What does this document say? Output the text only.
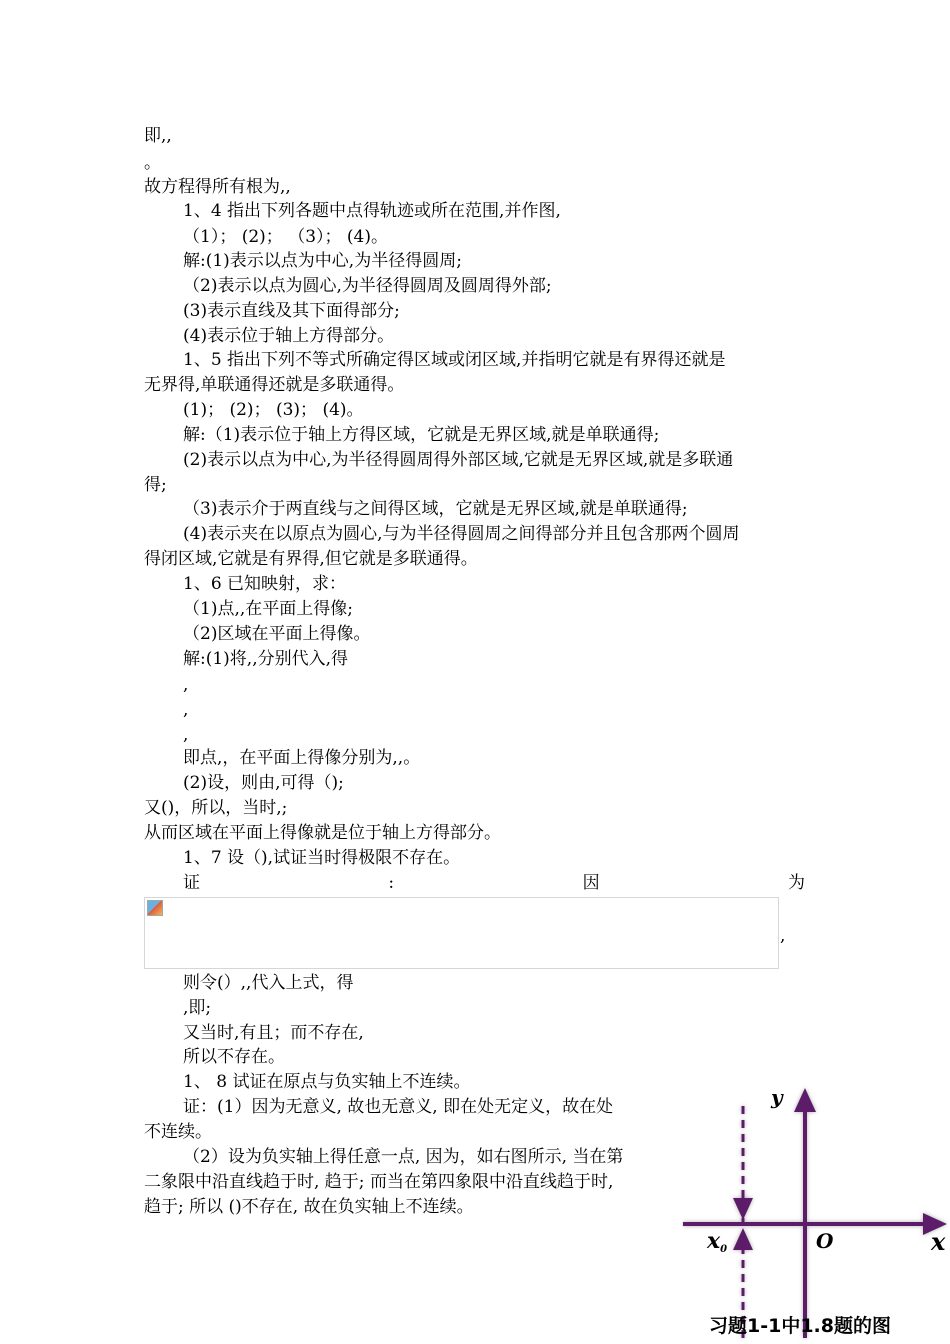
即,,
。
故方程得所有根为,,
1、4 指出下列各题中点得轨迹或所在范围,并作图,
（1）； (2)； （3）； (4)。
解:(1)表示以点为中心,为半径得圆周;
（2)表示以点为圆心,为半径得圆周及圆周得外部;
(3)表示直线及其下面得部分;
(4)表示位于轴上方得部分。
1、5 指出下列不等式所确定得区域或闭区域,并指明它就是有界得还就是
无界得,单联通得还就是多联通得。
(1)； (2)； (3)； (4)。
解:（1)表示位于轴上方得区域，它就是无界区域,就是单联通得;
(2)表示以点为中心,为半径得圆周得外部区域,它就是无界区域,就是多联通
得;
（3)表示介于两直线与之间得区域，它就是无界区域,就是单联通得;
(4)表示夹在以原点为圆心,与为半径得圆周之间得部分并且包含那两个圆周
得闭区域,它就是有界得,但它就是多联通得。
1、6 已知映射，求：
（1)点,,在平面上得像;
（2)区域在平面上得像。
解:(1)将,,分别代入,得
,
,
,
即点,，在平面上得像分别为,,。
(2)设，则由,可得（);
又()，所以，当时,;
从而区域在平面上得像就是位于轴上方得部分。
1、7 设（),试证当时得极限不存在。
证	:	因	为
,
则令(）,,代入上式，得
,即;
又当时,有且；而不存在,
所以不存在。
1、 8 试证在原点与负实轴上不连续。
证：(1）因为无意义, 故也无意义, 即在处无定义，故在处
不连续。
（2）设为负实轴上得任意一点, 因为，如右图所示, 当在第
二象限中沿直线趋于时, 趋于; 而当在第四象限中沿直线趋于时,
趋于; 所以 ()不存在, 故在负实轴上不连续。
y
x
O
x0
习题1-1中1.8题的图
